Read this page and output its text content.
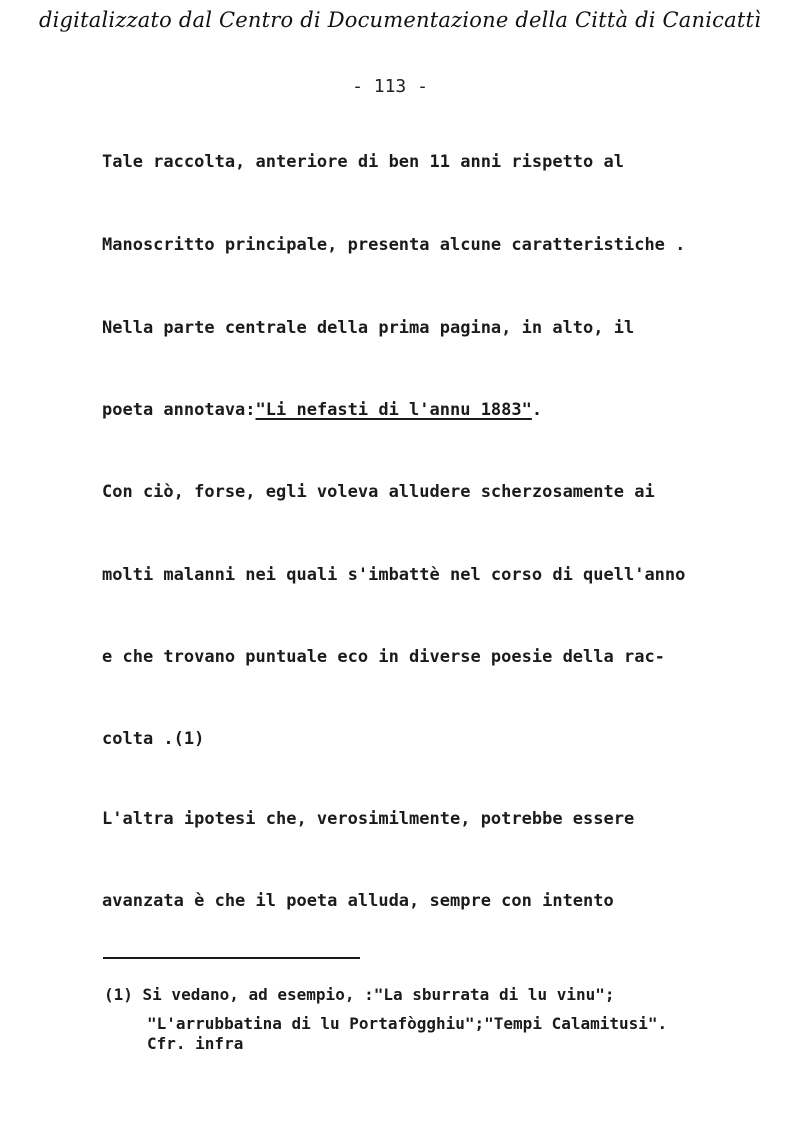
digitalizzato dal Centro di Documentazione della Città di Canicattì
- 113 -
Tale raccolta, anteriore di ben 11 anni rispetto al
Manoscritto principale, presenta alcune caratteristiche .
Nella parte centrale della prima pagina, in alto, il
poeta annotava:"Li nefasti di l'annu 1883".
Con ciò, forse, egli voleva alludere scherzosamente ai
molti malanni nei quali s'imbattè nel corso di quell'anno
e che trovano puntuale eco in diverse poesie della rac-
colta .(1)
L'altra ipotesi che, verosimilmente, potrebbe essere
avanzata è che il poeta alluda, sempre con intento
(1) Si vedano, ad esempio, :"La sburrata di lu vinu";
"L'arrubbatina di lu Portafògghiu";"Tempi Calamitusi".
Cfr. infra
